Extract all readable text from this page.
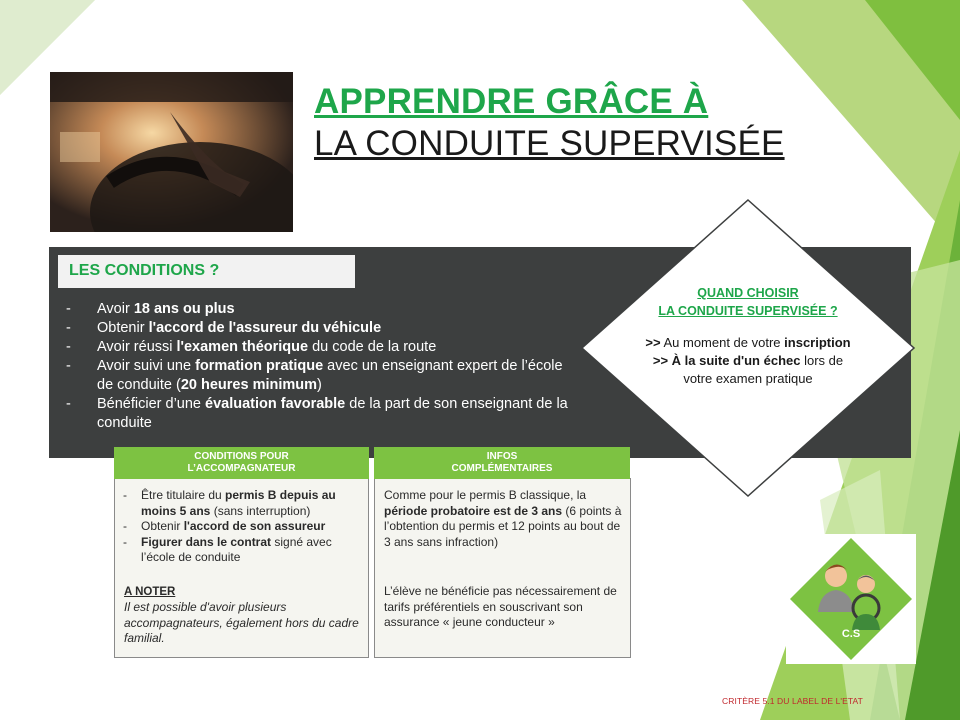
APPRENDRE GRÂCE À
LA CONDUITE SUPERVISÉE
LES CONDITIONS ?
- Avoir 18 ans ou plus
- Obtenir l'accord de l'assureur du véhicule
- Avoir réussi l'examen théorique du code de la route
- Avoir suivi une formation pratique avec un enseignant expert de l’école de conduite (20 heures minimum)
- Bénéficier d’une évaluation favorable de la part de son enseignant de la conduite
QUAND CHOISIR
LA CONDUITE SUPERVISÉE ?
>> Au moment de votre inscription
>> À la suite d'un échec lors de
votre examen pratique
CONDITIONS POUR
L’ACCOMPAGNATEUR
- Être titulaire du permis B depuis au moins 5 ans (sans interruption)
- Obtenir l'accord de son assureur
- Figurer dans le contrat signé avec l’école de conduite
A NOTER
Il est possible d'avoir plusieurs accompagnateurs, également hors du cadre familial.
INFOS
COMPLÉMENTAIRES
Comme pour le permis B classique, la période probatoire est de 3 ans (6 points à l’obtention du permis et 12 points au bout de 3 ans sans infraction)
L’élève ne bénéficie pas nécessairement de tarifs préférentiels en souscrivant son assurance « jeune conducteur »
C.S
CRITÈRE 5.1 DU LABEL DE L'ETAT
